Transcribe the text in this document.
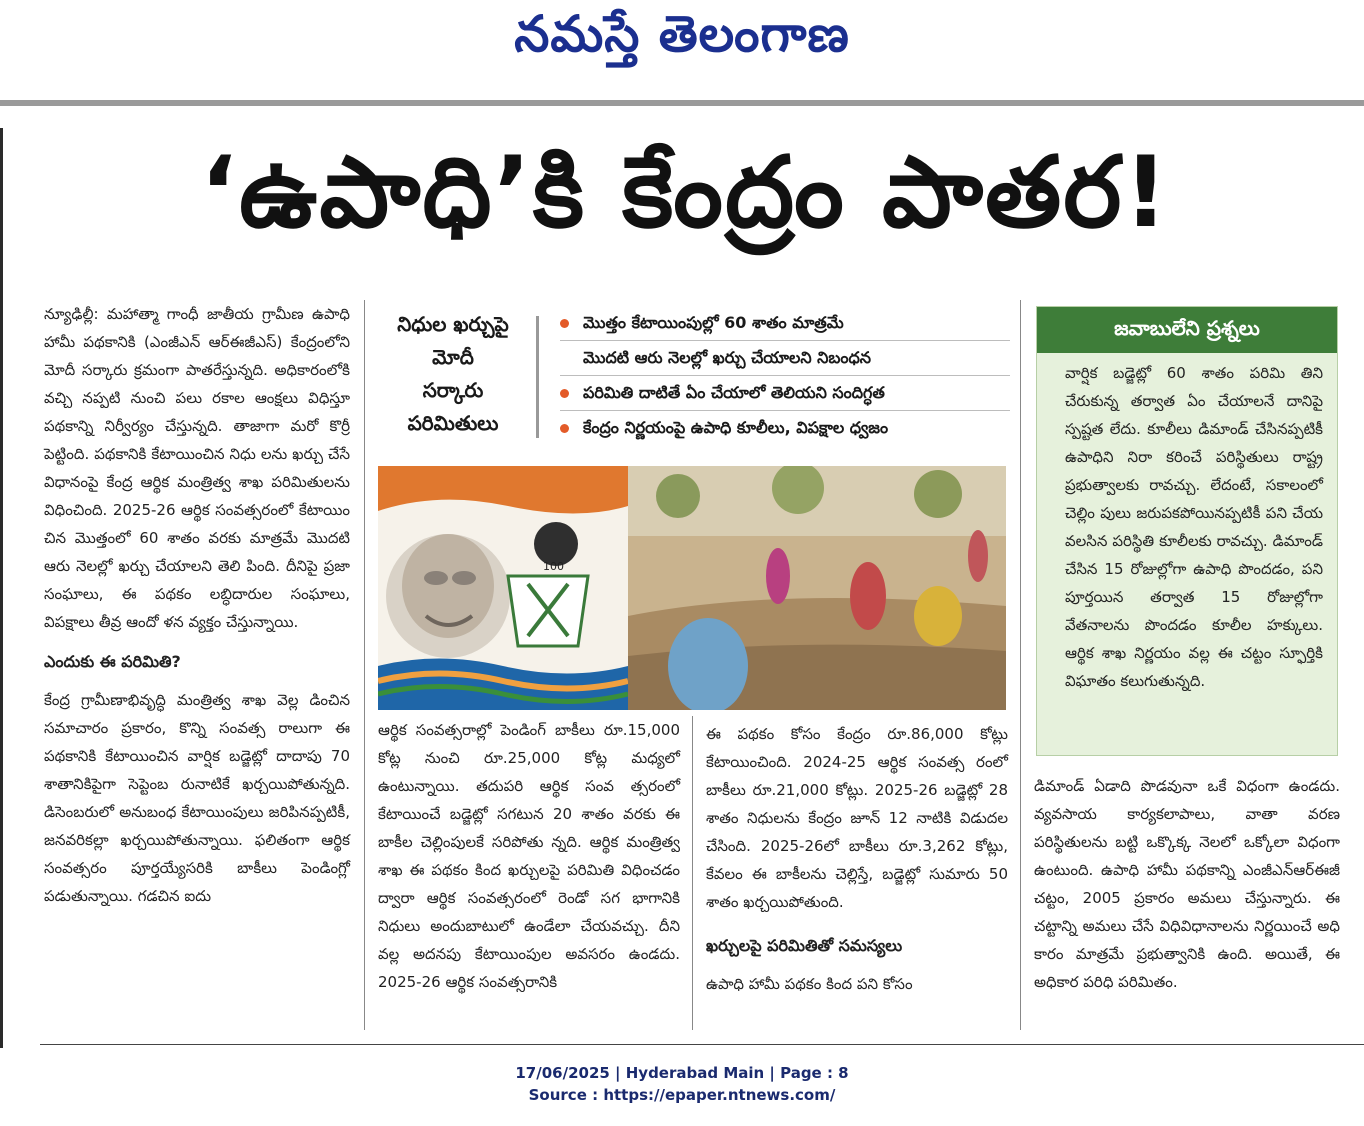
నమస్తే తెలంగాణ
‘ఉపాధి’కి కేంద్రం పాతర!

న్యూఢిల్లీ: మహాత్మా గాంధీ జాతీయ గ్రామీణ ఉపాధి హామీ పథకానికి (ఎంజీఎన్ ఆర్ఈజీఎస్) కేంద్రంలోని మోదీ సర్కారు క్రమంగా పాతరేస్తున్నది. అధికారంలోకి వచ్చి నప్పటి నుంచి పలు రకాల ఆంక్షలు విధిస్తూ పథకాన్ని నిర్వీర్యం చేస్తున్నది. తాజాగా మరో కొర్రీ పెట్టింది. పథకానికి కేటాయించిన నిధు లను ఖర్చు చేసే విధానంపై కేంద్ర ఆర్థిక మంత్రిత్వ శాఖ పరిమితులను విధించింది. 2025-26 ఆర్థిక సంవత్సరంలో కేటాయిం చిన మొత్తంలో 60 శాతం వరకు మాత్రమే మొదటి ఆరు నెలల్లో ఖర్చు చేయాలని తెలి పింది. దీనిపై ప్రజా సంఘాలు, ఈ పథకం లబ్ధిదారుల సంఘాలు, విపక్షాలు తీవ్ర ఆందో ళన వ్యక్తం చేస్తున్నాయి.

ఎందుకు ఈ పరిమితి?

కేంద్ర గ్రామీణాభివృద్ధి మంత్రిత్వ శాఖ వెల్ల డించిన సమాచారం ప్రకారం, కొన్ని సంవత్స రాలుగా ఈ పథకానికి కేటాయించిన వార్షిక బడ్జెట్లో దాదాపు 70 శాతానికిపైగా సెప్టెంబ రునాటికే ఖర్చయిపోతున్నది. డిసెంబరులో అనుబంధ కేటాయింపులు జరిపినప్పటికీ, జనవరికల్లా ఖర్చయిపోతున్నాయి. ఫలితంగా ఆర్థిక సంవత్సరం పూర్తయ్యేసరికి బాకీలు పెండింగ్లో పడుతున్నాయి. గడచిన ఐదు

నిధుల ఖర్చుపై
మోదీ
సర్కారు
పరిమితులు
మొత్తం కేటాయింపుల్లో 60 శాతం మాత్రమే
మొదటి ఆరు నెలల్లో ఖర్చు చేయాలని నిబంధన
పరిమితి దాటితే ఏం చేయాలో తెలియని సందిగ్ధత
కేంద్రం నిర్ణయంపై ఉపాధి కూలీలు, విపక్షాల ధ్వజం
100

ఆర్థిక సంవత్సరాల్లో పెండింగ్ బాకీలు రూ.15,000 కోట్ల నుంచి రూ.25,000 కోట్ల మధ్యలో ఉంటున్నాయి. తదుపరి ఆర్థిక సంవ త్సరంలో కేటాయించే బడ్జెట్లో సగటున 20 శాతం వరకు ఈ బాకీల చెల్లింపులకే సరిపోతు న్నది. ఆర్థిక మంత్రిత్వ శాఖ ఈ పథకం కింద ఖర్చులపై పరిమితి విధించడం ద్వారా ఆర్థిక సంవత్సరంలో రెండో సగ భాగానికి నిధులు అందుబాటులో ఉండేలా చేయవచ్చు. దీని వల్ల అదనపు కేటాయింపుల అవసరం ఉండదు. 2025-26 ఆర్థిక సంవత్సరానికి

ఈ పథకం కోసం కేంద్రం రూ.86,000 కోట్లు కేటాయించింది. 2024-25 ఆర్థిక సంవత్స రంలో బాకీలు రూ.21,000 కోట్లు. 2025-26 బడ్జెట్లో 28 శాతం నిధులను కేంద్రం జూన్ 12 నాటికి విడుదల చేసింది. 2025-26లో బాకీలు రూ.3,262 కోట్లు, కేవలం ఈ బాకీలను చెల్లిస్తే, బడ్జెట్లో సుమారు 50 శాతం ఖర్చయిపోతుంది.

ఖర్చులపై పరిమితితో సమస్యలు

ఉపాధి హామీ పథకం కింద పని కోసం

జవాబులేని ప్రశ్నలు
వార్షిక బడ్జెట్లో 60 శాతం పరిమి తిని చేరుకున్న తర్వాత ఏం చేయాలనే దానిపై స్పష్టత లేదు. కూలీలు డిమాండ్ చేసినప్పటికీ ఉపాధిని నిరా కరించే పరిస్థితులు రాష్ట్ర ప్రభుత్వాలకు రావచ్చు. లేదంటే, సకాలంలో చెల్లిం పులు జరుపకపోయినప్పటికీ పని చేయ వలసిన పరిస్థితి కూలీలకు రావచ్చు. డిమాండ్ చేసిన 15 రోజుల్లోగా ఉపాధి పొందడం, పని పూర్తయిన తర్వాత 15 రోజుల్లోగా వేతనాలను పొందడం కూలీల హక్కులు. ఆర్థిక శాఖ నిర్ణయం వల్ల ఈ చట్టం స్ఫూర్తికి విఘాతం కలుగుతున్నది.

డిమాండ్ ఏడాది పొడవునా ఒకే విధంగా ఉండదు. వ్యవసాయ కార్యకలాపాలు, వాతా వరణ పరిస్థితులను బట్టి ఒక్కొక్క నెలలో ఒక్కోలా విధంగా ఉంటుంది. ఉపాధి హామీ పథకాన్ని ఎంజీఎన్ఆర్ఈజీ చట్టం, 2005 ప్రకారం అమలు చేస్తున్నారు. ఈ చట్టాన్ని అమలు చేసే విధివిధానాలను నిర్ణయించే అధి కారం మాత్రమే ప్రభుత్వానికి ఉంది. అయితే, ఈ అధికార పరిధి పరిమితం.

17/06/2025 | Hyderabad Main | Page : 8
Source : https://epaper.ntnews.com/
